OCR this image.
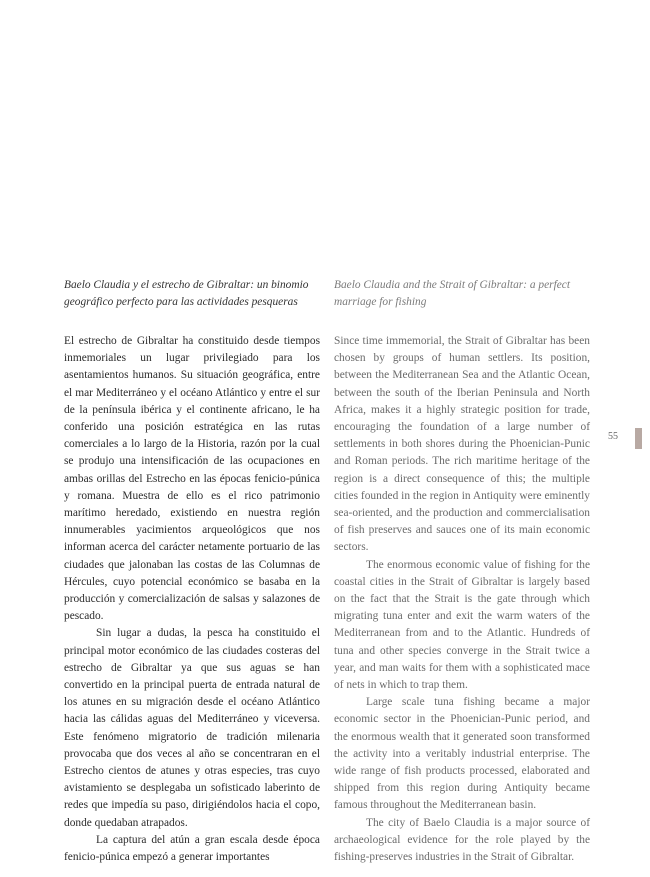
Baelo Claudia y el estrecho de Gibraltar: un binomio geográfico perfecto para las actividades pesqueras

El estrecho de Gibraltar ha constituido desde tiempos inmemoriales un lugar privilegiado para los asentamientos humanos. Su situación geográfica, entre el mar Mediterráneo y el océano Atlántico y entre el sur de la península ibérica y el continente africano, le ha conferido una posición estratégica en las rutas comerciales a lo largo de la Historia, razón por la cual se produjo una intensificación de las ocupaciones en ambas orillas del Estrecho en las épocas fenicio-púnica y romana. Muestra de ello es el rico patrimonio marítimo heredado, existiendo en nuestra región innumerables yacimientos arqueológicos que nos informan acerca del carácter netamente portuario de las ciudades que jalonaban las costas de las Columnas de Hércules, cuyo potencial económico se basaba en la producción y comercialización de salsas y salazones de pescado.

Sin lugar a dudas, la pesca ha constituido el principal motor económico de las ciudades costeras del estrecho de Gibraltar ya que sus aguas se han convertido en la principal puerta de entrada natural de los atunes en su migración desde el océano Atlántico hacia las cálidas aguas del Mediterráneo y viceversa. Este fenómeno migratorio de tradición milenaria provocaba que dos veces al año se concentraran en el Estrecho cientos de atunes y otras especies, tras cuyo avistamiento se desplegaba un sofisticado laberinto de redes que impedía su paso, dirigiéndolos hacia el copo, donde quedaban atrapados.

La captura del atún a gran escala desde época fenicio-púnica empezó a generar importantes

Baelo Claudia and the Strait of Gibraltar: a perfect marriage for fishing

Since time immemorial, the Strait of Gibraltar has been chosen by groups of human settlers. Its position, between the Mediterranean Sea and the Atlantic Ocean, between the south of the Iberian Peninsula and North Africa, makes it a highly strategic position for trade, encouraging the foundation of a large number of settlements in both shores during the Phoenician-Punic and Roman periods. The rich maritime heritage of the region is a direct consequence of this; the multiple cities founded in the region in Antiquity were eminently sea-oriented, and the production and commercialisation of fish preserves and sauces one of its main economic sectors.

The enormous economic value of fishing for the coastal cities in the Strait of Gibraltar is largely based on the fact that the Strait is the gate through which migrating tuna enter and exit the warm waters of the Mediterranean from and to the Atlantic. Hundreds of tuna and other species converge in the Strait twice a year, and man waits for them with a sophisticated mace of nets in which to trap them.

Large scale tuna fishing became a major economic sector in the Phoenician-Punic period, and the enormous wealth that it generated soon transformed the activity into a veritably industrial enterprise. The wide range of fish products processed, elaborated and shipped from this region during Antiquity became famous throughout the Mediterranean basin.

The city of Baelo Claudia is a major source of archaeological evidence for the role played by the fishing-preserves industries in the Strait of Gibraltar.

55
